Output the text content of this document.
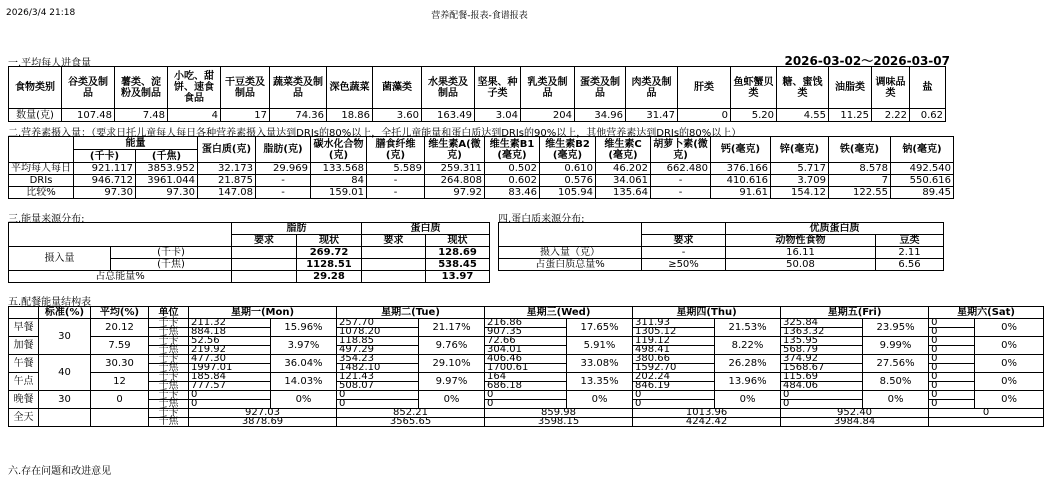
2026/3/4 21:18	营养配餐-报表-食谱报表
一.平均每人进食量	2026-03-02～2026-03-07
食物类别	谷类及制品	薯类、淀粉及制品	小吃、甜饼、速食食品	干豆类及制品	蔬菜类及制品	深色蔬菜	菌藻类	水果类及制品	坚果、种子类	乳类及制品	蛋类及制品	肉类及制品	肝类	鱼虾蟹贝类	糖、蜜饯类	油脂类	调味品类	盐
数量(克)	107.48	7.48	4	17	74.36	18.86	3.60	163.49	3.04	204	34.96	31.47	0	5.20	4.55	11.25	2.22	0.62
二.营养素摄入量：（要求日托儿童每人每日各种营养素摄入量达到DRIs的80%以上，全托儿童能量和蛋白质达到DRIs的90%以上，其他营养素达到DRIs的80%以上）
	能量		蛋白质(克)	脂肪(克)	碳水化合物(克)	膳食纤维(克)	维生素A(微克)	维生素B1(毫克)	维生素B2(毫克)	维生素C(毫克)	胡萝卜素(微克)	钙(毫克)	锌(毫克)	铁(毫克)	钠(毫克)
	(千卡)	(千焦)													
平均每人每日	921.117	3853.952	32.173	29.969	133.568	5.589	259.311	0.502	0.610	46.202	662.480	376.166	5.717	8.578	492.540
DRIs	946.712	3961.044	21.875	-	84	-	264.808	0.602	0.576	34.061	-	410.616	3.709	7	550.616
比较%	97.30	97.30	147.08	-	159.01	-	97.92	83.46	105.94	135.64	-	91.61	154.12	122.55	89.45
三.能量来源分布:
		脂肪		蛋白质	
		要求	现状	要求	现状
摄入量	(千卡)		269.72		128.69
	(千焦)		1128.51		538.45
占总能量%			29.28		13.97
四.蛋白质来源分布:
		优质蛋白质	
	要求	动物性食物	豆类
摄入量（克）	-	16.11	2.11
占蛋白质总量%	≥50%	50.08	6.56
五.配餐能量结构表
	标准(%)	平均(%)	单位	星期一(Mon)		星期二(Tue)		星期三(Wed)		星期四(Thu)		星期五(Fri)		星期六(Sat)	
早餐	30	20.12	千卡	211.32	15.96%	257.70	21.17%	216.86	17.65%	311.93	21.53%	325.84	23.95%	0	0%
			千焦	884.18		1078.20		907.35		1305.12		1363.32		0	
加餐		7.59	千卡	52.56	3.97%	118.85	9.76%	72.66	5.91%	119.12	8.22%	135.95	9.99%	0	0%
			千焦	219.92		497.29		304.01		498.41		568.79		0	
午餐	40	30.30	千卡	477.30	36.04%	354.23	29.10%	406.46	33.08%	380.66	26.28%	374.92	27.56%	0	0%
			千焦	1997.01		1482.10		1700.61		1592.70		1568.67		0	
午点		12	千卡	185.84	14.03%	121.43	9.97%	164	13.35%	202.24	13.96%	115.69	8.50%	0	0%
			千焦	777.57		508.07		686.18		846.19		484.06		0	
晚餐	30	0	千卡	0	0%	0	0%	0	0%	0	0%	0	0%	0	0%
			千焦	0		0		0		0		0		0	
全天			千卡	927.03		852.21		859.98		1013.96		952.40		0	
			千焦	3878.69		3565.65		3598.15		4242.42		3984.84			
六.存在问题和改进意见
